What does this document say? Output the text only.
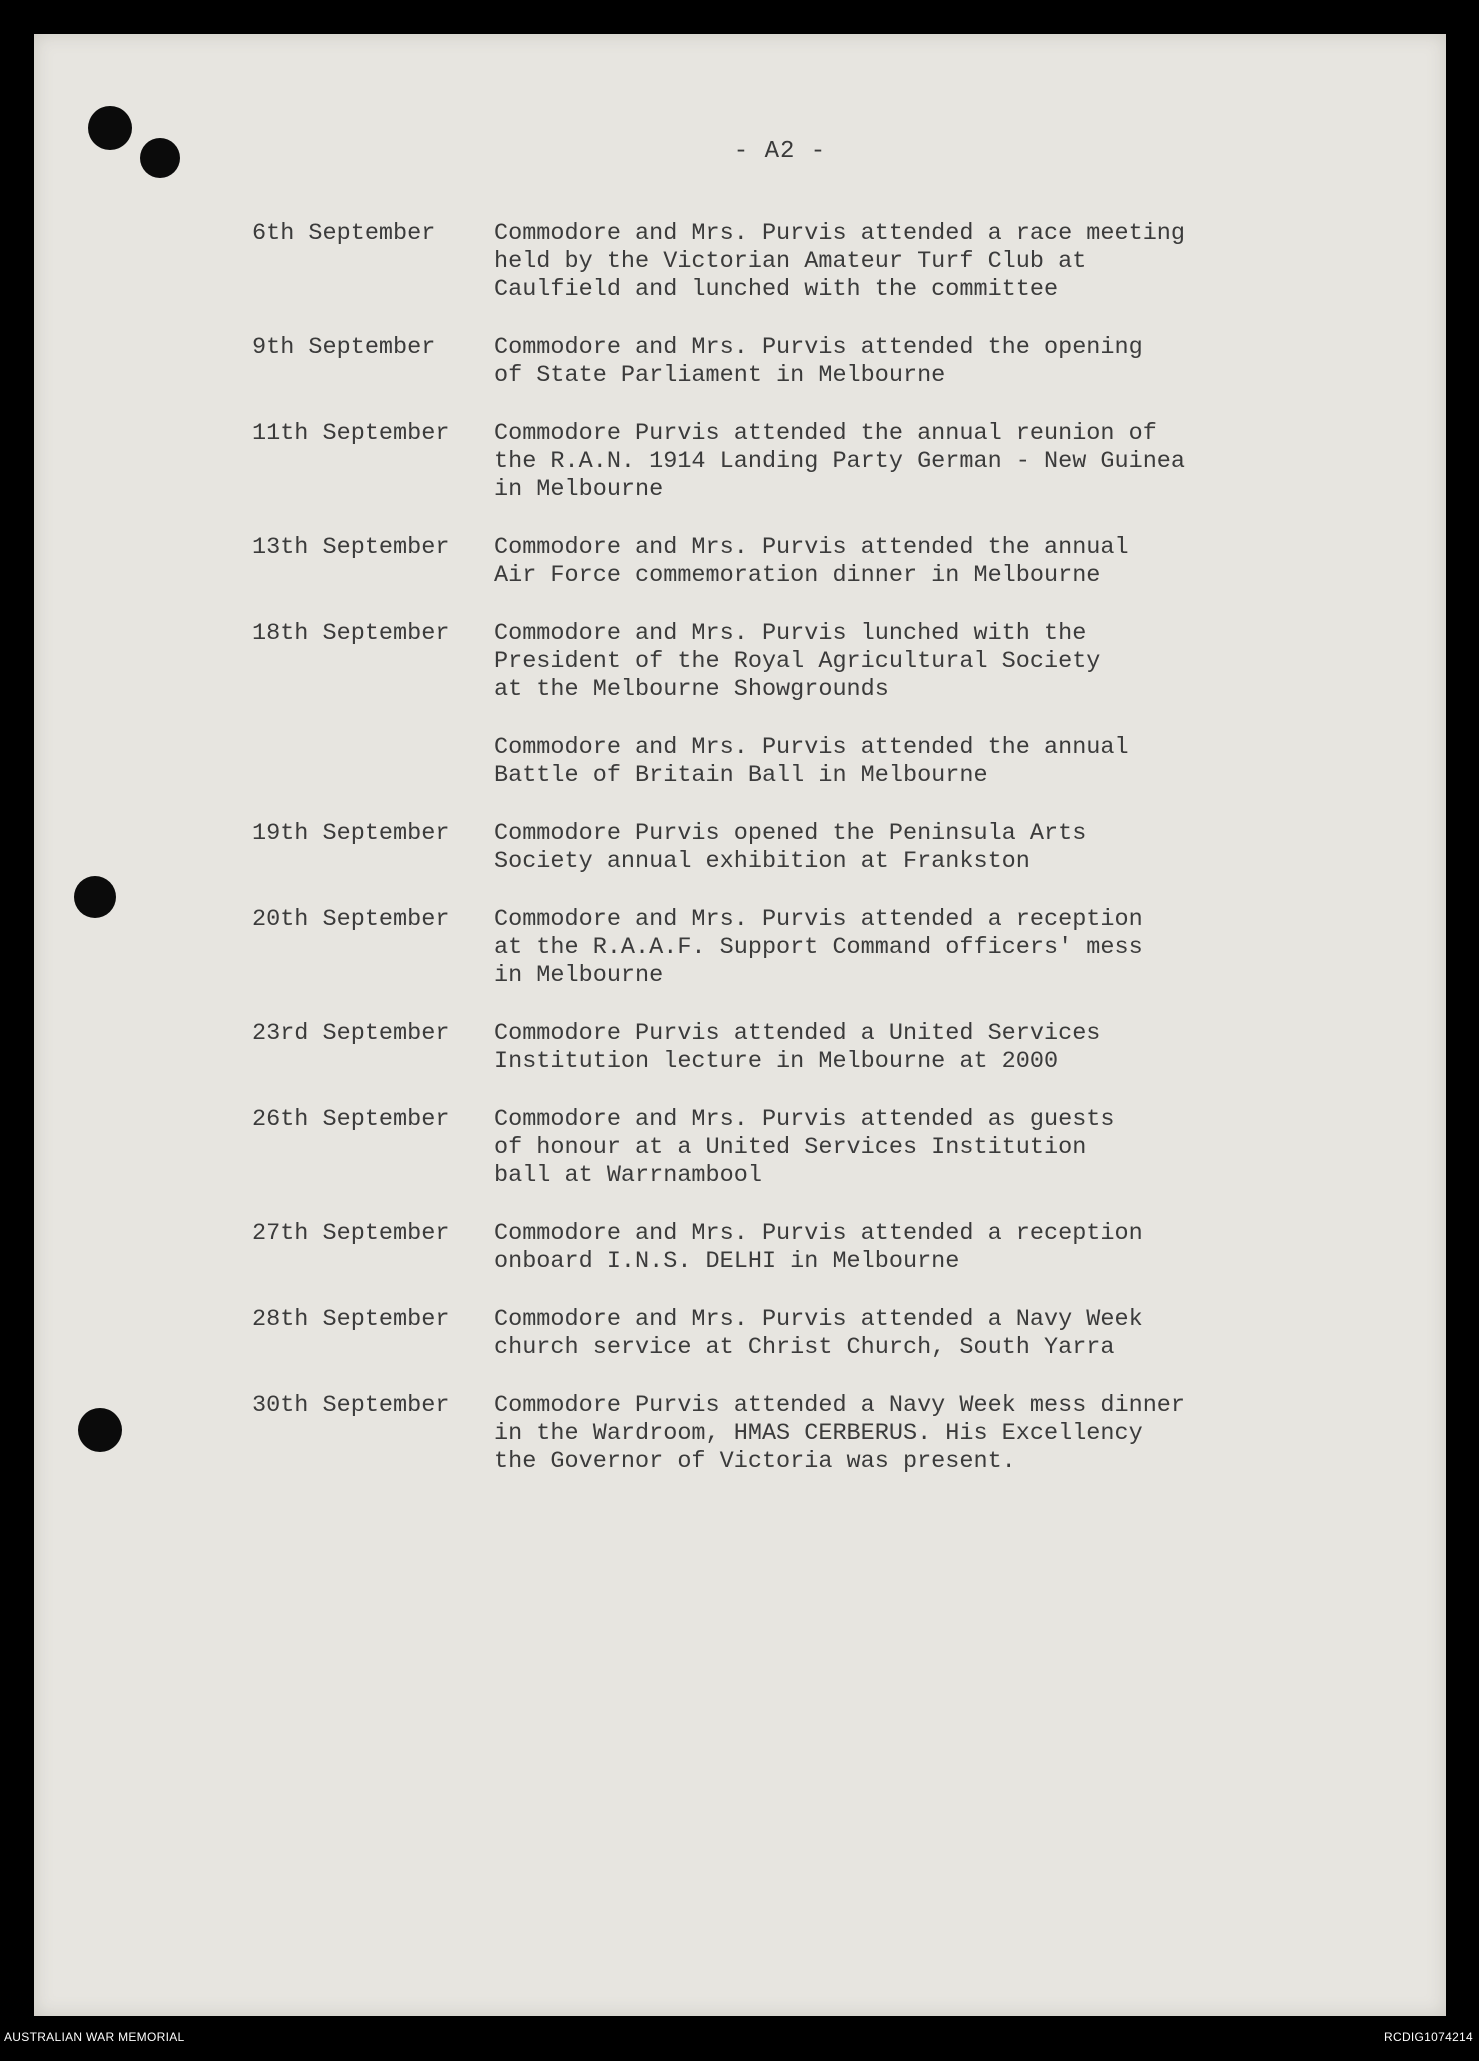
- A2 -
6th September	Commodore and Mrs. Purvis attended a race meeting
held by the Victorian Amateur Turf Club at
Caulfield and lunched with the committee
9th September	Commodore and Mrs. Purvis attended the opening
of State Parliament in Melbourne
11th September	Commodore Purvis attended the annual reunion of
the R.A.N. 1914 Landing Party German - New Guinea
in Melbourne
13th September	Commodore and Mrs. Purvis attended the annual
Air Force commemoration dinner in Melbourne
18th September	Commodore and Mrs. Purvis lunched with the
President of the Royal Agricultural Society
at the Melbourne Showgrounds
Commodore and Mrs. Purvis attended the annual
Battle of Britain Ball in Melbourne
19th September	Commodore Purvis opened the Peninsula Arts
Society annual exhibition at Frankston
20th September	Commodore and Mrs. Purvis attended a reception
at the R.A.A.F. Support Command officers' mess
in Melbourne
23rd September	Commodore Purvis attended a United Services
Institution lecture in Melbourne at 2000
26th September	Commodore and Mrs. Purvis attended as guests
of honour at a United Services Institution
ball at Warrnambool
27th September	Commodore and Mrs. Purvis attended a reception
onboard I.N.S. DELHI in Melbourne
28th September	Commodore and Mrs. Purvis attended a Navy Week
church service at Christ Church, South Yarra
30th September	Commodore Purvis attended a Navy Week mess dinner
in the Wardroom, HMAS CERBERUS. His Excellency
the Governor of Victoria was present.
AUSTRALIAN WAR MEMORIAL	RCDIG1074214
